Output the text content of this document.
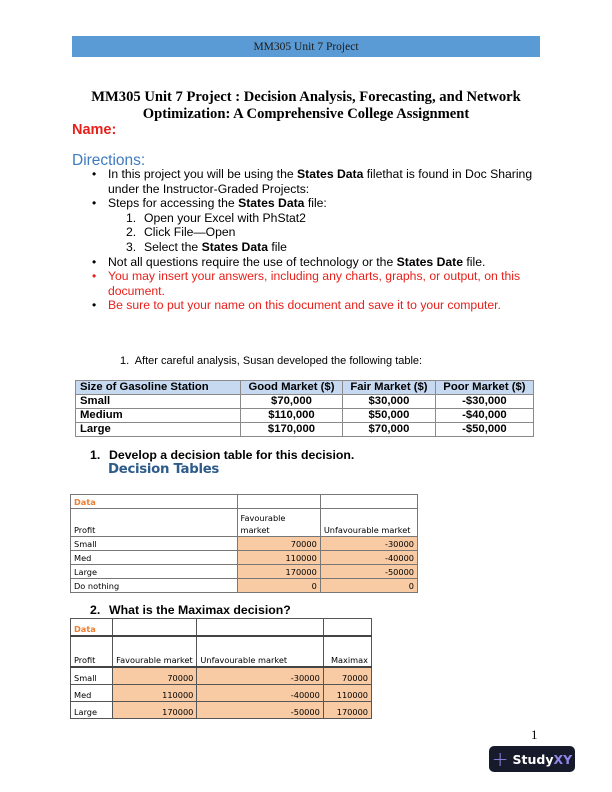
MM305 Unit 7 Project
MM305 Unit 7 Project : Decision Analysis, Forecasting, and Network
Optimization: A Comprehensive College Assignment
Name:
Directions:
• In this project you will be using the States Data filethat is found in Doc Sharing under the Instructor-Graded Projects:
• Steps for accessing the States Data file:
1. Open your Excel with PhStat2
2. Click File—Open
3. Select the States Data file
• Not all questions require the use of technology or the States Date file.
• You may insert your answers, including any charts, graphs, or output, on this document.
• Be sure to put your name on this document and save it to your computer.
1. After careful analysis, Susan developed the following table:
Size of Gasoline Station	Good Market ($)	Fair Market ($)	Poor Market ($)
Small	$70,000	$30,000	-$30,000
Medium	$110,000	$50,000	-$40,000
Large	$170,000	$70,000	-$50,000
1. Develop a decision table for this decision.
Decision Tables
Data		
Profit	Favourable market	Unfavourable market
Small	70000	-30000
Med	110000	-40000
Large	170000	-50000
Do nothing	0	0
2. What is the Maximax decision?
Data			
Profit	Favourable market	Unfavourable market	Maximax
Small	70000	-30000	70000
Med	110000	-40000	110000
Large	170000	-50000	170000
1
+ StudyXY
